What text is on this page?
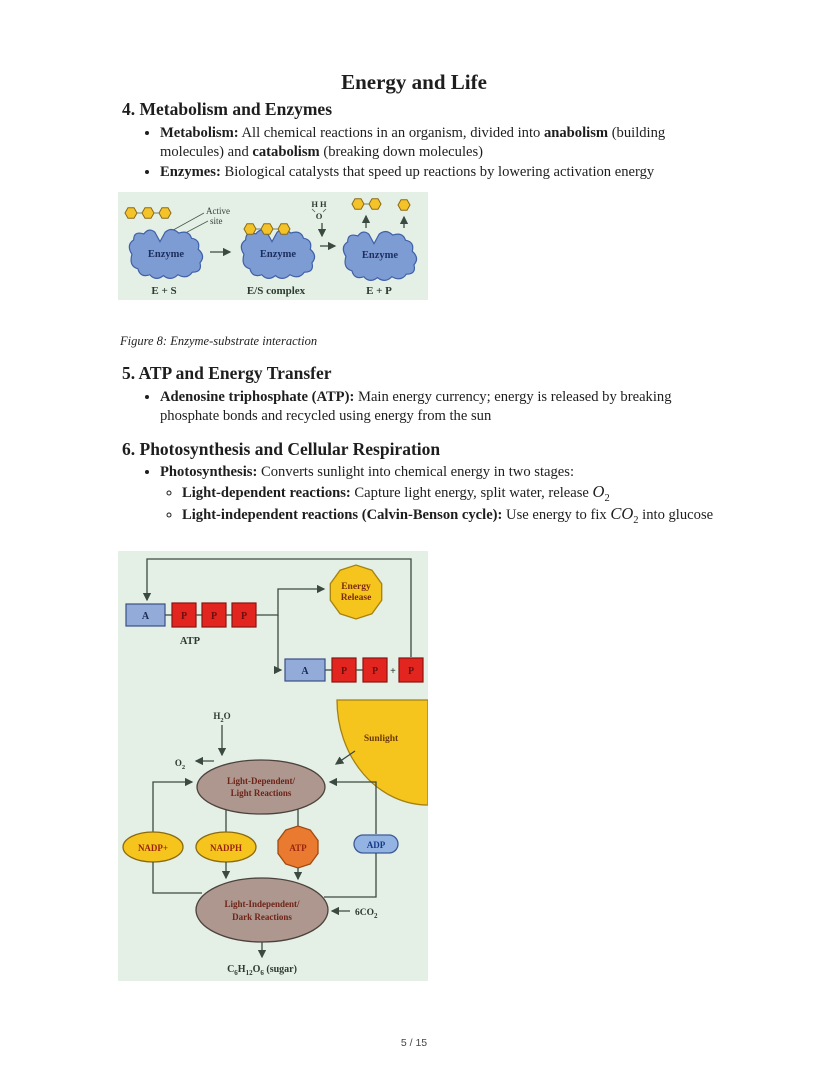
Energy and Life
4. Metabolism and Enzymes
• Metabolism: All chemical reactions in an organism, divided into anabolism (building molecules) and catabolism (breaking down molecules)
• Enzymes: Biological catalysts that speed up reactions by lowering activation energy
Active
site
Enzyme
E + S
Enzyme
E/S complex
H H
O
Enzyme
E + P
Figure 8: Enzyme-substrate interaction
5. ATP and Energy Transfer
• Adenosine triphosphate (ATP): Main energy currency; energy is released by breaking phosphate bonds and recycled using energy from the sun
6. Photosynthesis and Cellular Respiration
• Photosynthesis: Converts sunlight into chemical energy in two stages:
◦ Light-dependent reactions: Capture light energy, split water, release $O_2$
◦ Light-independent reactions (Calvin-Benson cycle): Use energy to fix $CO_2$ into glucose
A	P P P
ATP
Energy
Release
A	P P + P
$H_2O$
Sunlight
Light-Dependent/
Light Reactions
$O_2$
NADP+	NADPH	ATP	ADP
Light-Independent/
Dark Reactions	$6CO_2$
$C_6H_{12}O_6$ (sugar)
5 / 15
